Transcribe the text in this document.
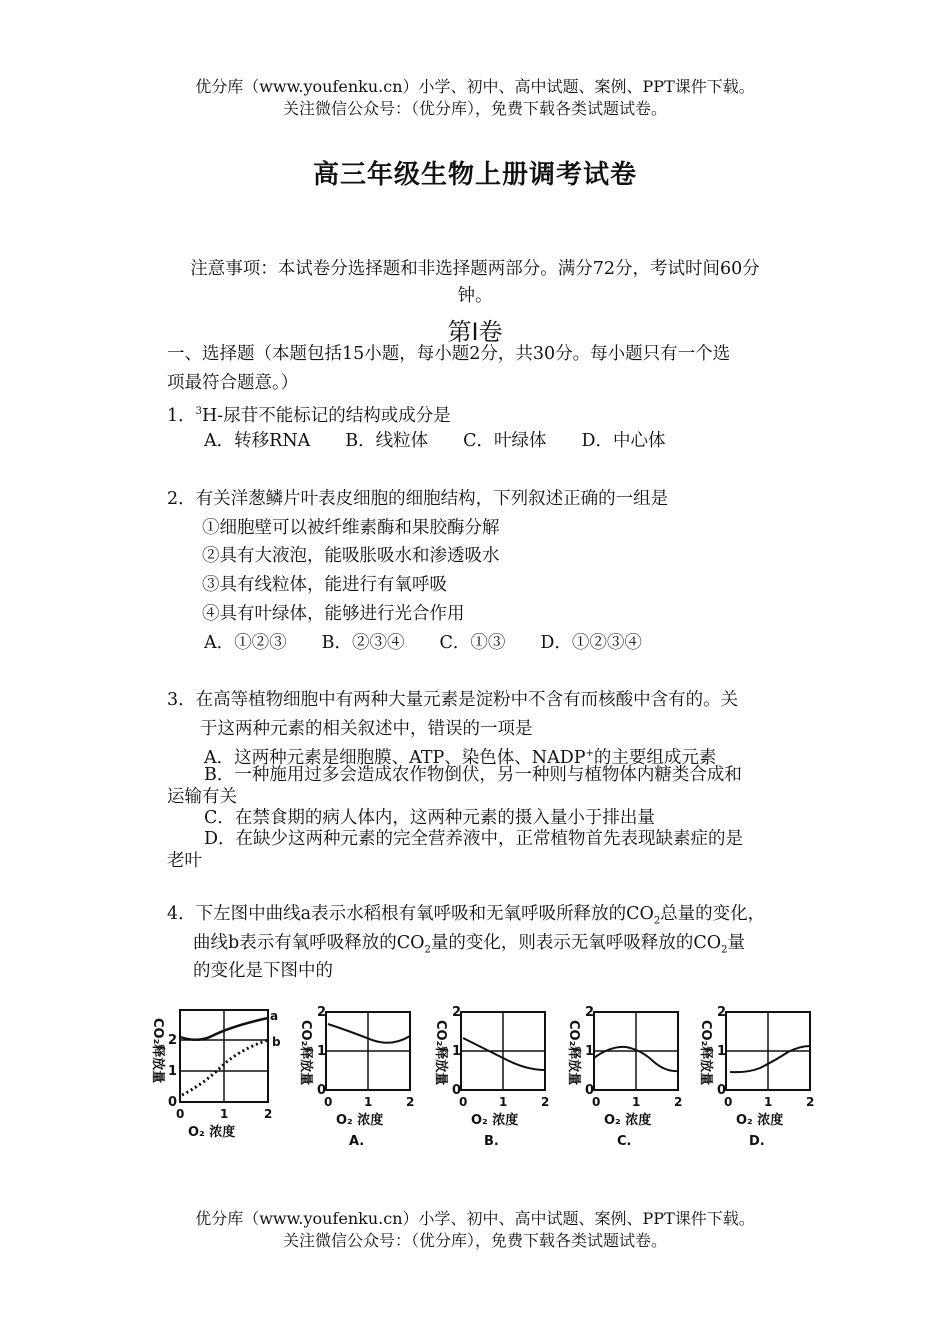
优分库（www.youfenku.cn）小学、初中、高中试题、案例、PPT课件下载。
关注微信公众号：（优分库），免费下载各类试题试卷。
高三年级生物上册调考试卷
注意事项：本试卷分选择题和非选择题两部分。满分72分，考试时间60分
钟。
第Ⅰ卷
一、选择题（本题包括15小题，每小题2分，共30分。每小题只有一个选
项最符合题意。）
1．$^3$H-尿苷不能标记的结构或成分是
A．转移RNA　　B．线粒体　　C．叶绿体　　D．中心体
2．有关洋葱鳞片叶表皮细胞的细胞结构，下列叙述正确的一组是
①细胞壁可以被纤维素酶和果胶酶分解
②具有大液泡，能吸胀吸水和渗透吸水
③具有线粒体，能进行有氧呼吸
④具有叶绿体，能够进行光合作用
A．①②③　　B．②③④　　C．①③　　D．①②③④
3．在高等植物细胞中有两种大量元素是淀粉中不含有而核酸中含有的。关
于这两种元素的相关叙述中，错误的一项是
A．这两种元素是细胞膜、ATP、染色体、NADP+的主要组成元素
B．一种施用过多会造成农作物倒伏，另一种则与植物体内糖类合成和
运输有关
C．在禁食期的病人体内，这两种元素的摄入量小于排出量
D．在缺少这两种元素的完全营养液中，正常植物首先表现缺素症的是
老叶
4．下左图中曲线a表示水稻根有氧呼吸和无氧呼吸所释放的$CO_2$总量的变化，
曲线b表示有氧呼吸释放的$CO_2$量的变化，则表示无氧呼吸释放的$CO_2$量
的变化是下图中的
CO₂释放量
a
b
2
1
0
0	1	2
O₂ 浓度
CO₂释放量
2
1
0
0	1	2
O₂ 浓度
A.
CO₂释放量
2
1
0
0	1	2
O₂ 浓度
B.
CO₂释放量
2
1
0
0	1	2
O₂ 浓度
C.
CO₂释放量
2
1
0
0	1	2
O₂ 浓度
D.
优分库（www.youfenku.cn）小学、初中、高中试题、案例、PPT课件下载。
关注微信公众号：（优分库），免费下载各类试题试卷。
